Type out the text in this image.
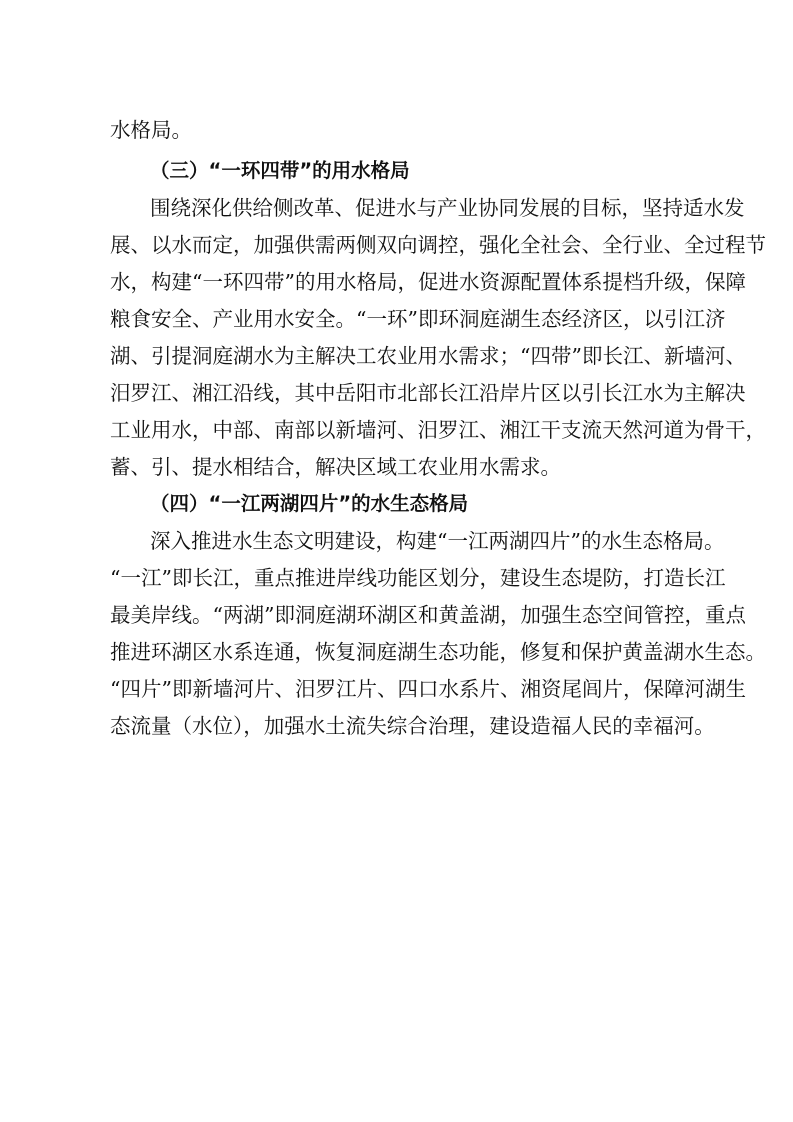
水格局。
（三）“一环四带”的用水格局
围绕深化供给侧改革、促进水与产业协同发展的目标，坚持适水发
展、以水而定，加强供需两侧双向调控，强化全社会、全行业、全过程节
水，构建“一环四带”的用水格局，促进水资源配置体系提档升级，保障
粮食安全、产业用水安全。“一环”即环洞庭湖生态经济区，以引江济
湖、引提洞庭湖水为主解决工农业用水需求；“四带”即长江、新墙河、
汨罗江、湘江沿线，其中岳阳市北部长江沿岸片区以引长江水为主解决
工业用水，中部、南部以新墙河、汨罗江、湘江干支流天然河道为骨干，
蓄、引、提水相结合，解决区域工农业用水需求。
（四）“一江两湖四片”的水生态格局
深入推进水生态文明建设，构建“一江两湖四片”的水生态格局。
“一江”即长江，重点推进岸线功能区划分，建设生态堤防，打造长江
最美岸线。“两湖”即洞庭湖环湖区和黄盖湖，加强生态空间管控，重点
推进环湖区水系连通，恢复洞庭湖生态功能，修复和保护黄盖湖水生态。
“四片”即新墙河片、汨罗江片、四口水系片、湘资尾闾片，保障河湖生
态流量（水位），加强水土流失综合治理，建设造福人民的幸福河。
